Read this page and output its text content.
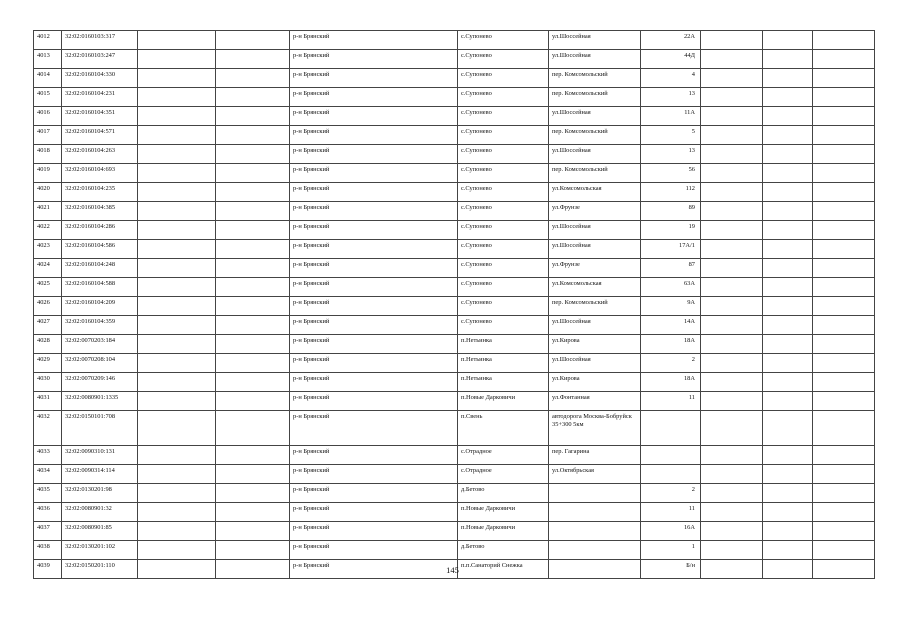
4012	32:02:0160103:317			р-н Брянский	с.Супонево	ул.Шоссейная	22А			
4013	32:02:0160103:247			р-н Брянский	с.Супонево	ул.Шоссейная	44Д			
4014	32:02:0160104:330			р-н Брянский	с.Супонево	пер. Комсомольский	4			
4015	32:02:0160104:231			р-н Брянский	с.Супонево	пер. Комсомольский	13			
4016	32:02:0160104:351			р-н Брянский	с.Супонево	ул.Шоссейная	11А			
4017	32:02:0160104:571			р-н Брянский	с.Супонево	пер. Комсомольский	5			
4018	32:02:0160104:263			р-н Брянский	с.Супонево	ул.Шоссейная	13			
4019	32:02:0160104:693			р-н Брянский	с.Супонево	пер. Комсомольский	56			
4020	32:02:0160104:235			р-н Брянский	с.Супонево	ул.Комсомольская	112			
4021	32:02:0160104:385			р-н Брянский	с.Супонево	ул.Фрунзе	89			
4022	32:02:0160104:286			р-н Брянский	с.Супонево	ул.Шоссейная	19			
4023	32:02:0160104:586			р-н Брянский	с.Супонево	ул.Шоссейная	17А/1			
4024	32:02:0160104:248			р-н Брянский	с.Супонево	ул.Фрунзе	87			
4025	32:02:0160104:588			р-н Брянский	с.Супонево	ул.Комсомольская	63А			
4026	32:02:0160104:209			р-н Брянский	с.Супонево	пер. Комсомольский	9А			
4027	32:02:0160104:359			р-н Брянский	с.Супонево	ул.Шоссейная	14А			
4028	32:02:0070203:184			р-н Брянский	п.Нетьинка	ул.Кирова	18А			
4029	32:02:0070208:104			р-н Брянский	п.Нетьинка	ул.Шоссейная	2			
4030	32:02:0070209:146			р-н Брянский	п.Нетьинка	ул.Кирова	18А			
4031	32:02:0080901:1335			р-н Брянский	п.Новые Дарковичи	ул.Фонтанная	11			
4032	32:02:0150101:708			р-н Брянский	п.Свень	автодорога Москва-Бобруйск 35+300 5км				
4033	32:02:0090310:131			р-н Брянский	с.Отрадное	пер. Гагарина				
4034	32:02:0090314:114			р-н Брянский	с.Отрадное	ул.Октябрьская				
4035	32:02:0130201:98			р-н Брянский	д.Бетово		2			
4036	32:02:0080901:32			р-н Брянский	п.Новые Дарковичи		11			
4037	32:02:0080901:85			р-н Брянский	п.Новые Дарковичи		16А			
4038	32:02:0130201:102			р-н Брянский	д.Бетово		1			
4039	32:02:0150201:110			р-н Брянский	п.п.Санаторий Снежка		Б/н			
145
